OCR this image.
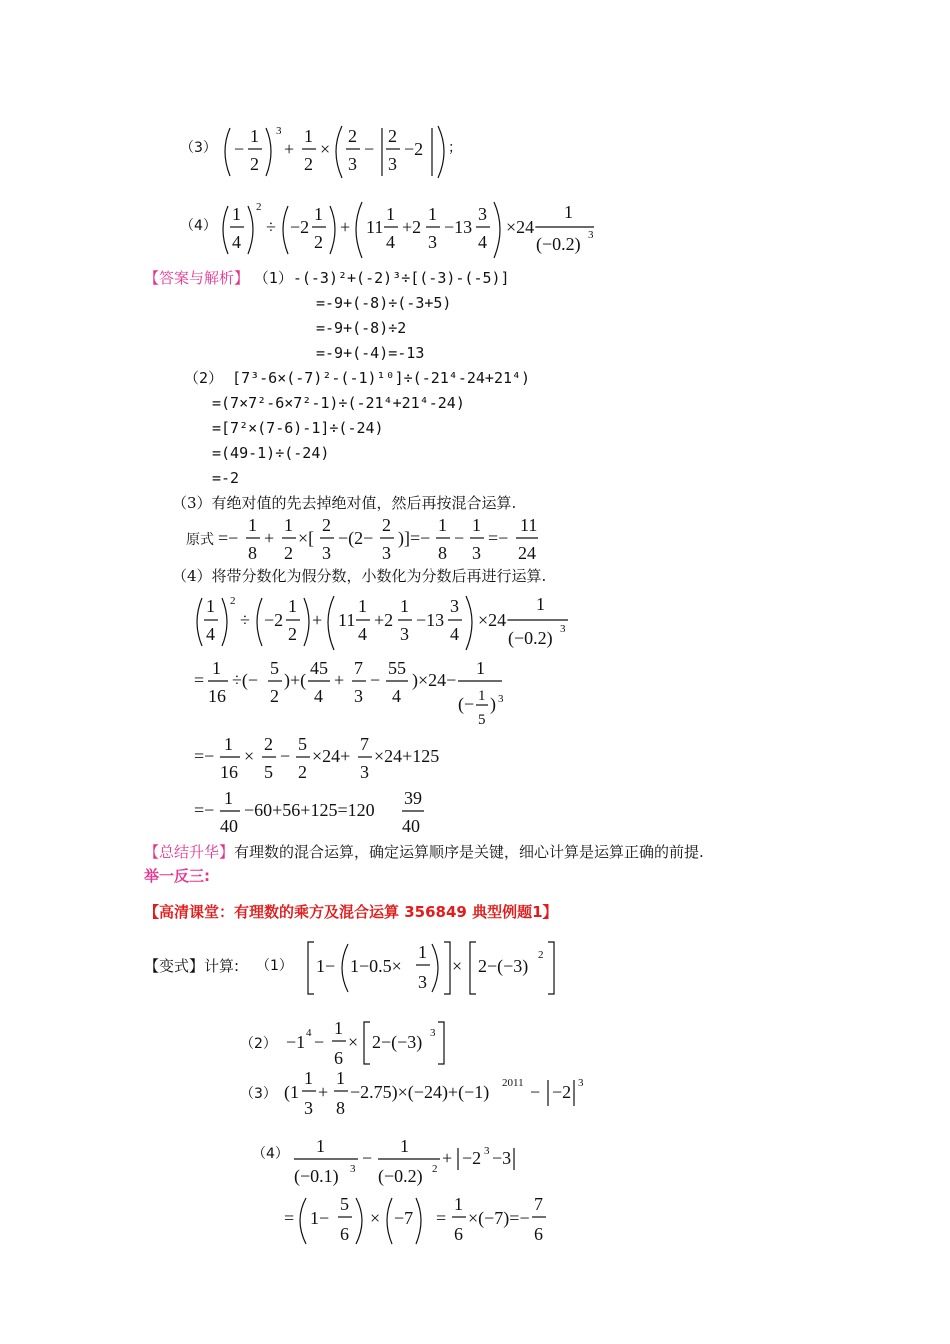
（3） −
1
2
3
+
1
2
×
2
3
−
2
3
−2 ；
（4）
1
4
2
÷ −2
1
2
+ 11
1
4
+2
1
3
−13
3
4
×24−
1
(−0.2) 3
【答案与解析】 （1）-(-3)²+(-2)³÷[(-3)-(-5)]
=-9+(-8)÷(-3+5)
=-9+(-8)÷2
=-9+(-4)=-13
（2） [7³-6×(-7)²-(-1)¹⁰]÷(-21⁴-24+21⁴)
=(7×7²-6×7²-1)÷(-21⁴+21⁴-24)
=[7²×(7-6)-1]÷(-24)
=(49-1)÷(-24)
=-2
（3）有绝对值的先去掉绝对值，然后再按混合运算.
原式 =−
1
8
+
1
2
×[
2
3
−(2−
2
3
)]=−
1
8
−
1
3
=−
11
24
（4）将带分数化为假分数，小数化为分数后再进行运算.
1
4
2
÷ −2
1
2
+ 11
1
4
+2
1
3
−13
3
4
×24−
1
(−0.2) 3
=
1
16
÷(−
5
2
)+(
45
4
+
7
3
−
55
4
)×24−
1
(− 1
5
) 3
=−
1
16
×
2
5
−
5
2
×24+
7
3
×24+125
=−
1
40
−60+56+125=120
39
40
【总结升华】有理数的混合运算，确定运算顺序是关键，细心计算是运算正确的前提.
举一反三:
【高清课堂：有理数的乘方及混合运算 356849 典型例题1】
【变式】计算: （1） 1− 1−0.5×
1
3
× 2−(−3)
2
（2） −1 4 −
1
6
× 2−(−3) 3
（3） (1
1
3
+
1
8
−2.75)×(−24)+(−1) 2011 − −2 3
（4） 1
(−0.1) 3
−
1
(−0.2) 2
+ −2 3 −3
= 1−
5
6
× −7 =
1
6
×(−7)=−
7
6
